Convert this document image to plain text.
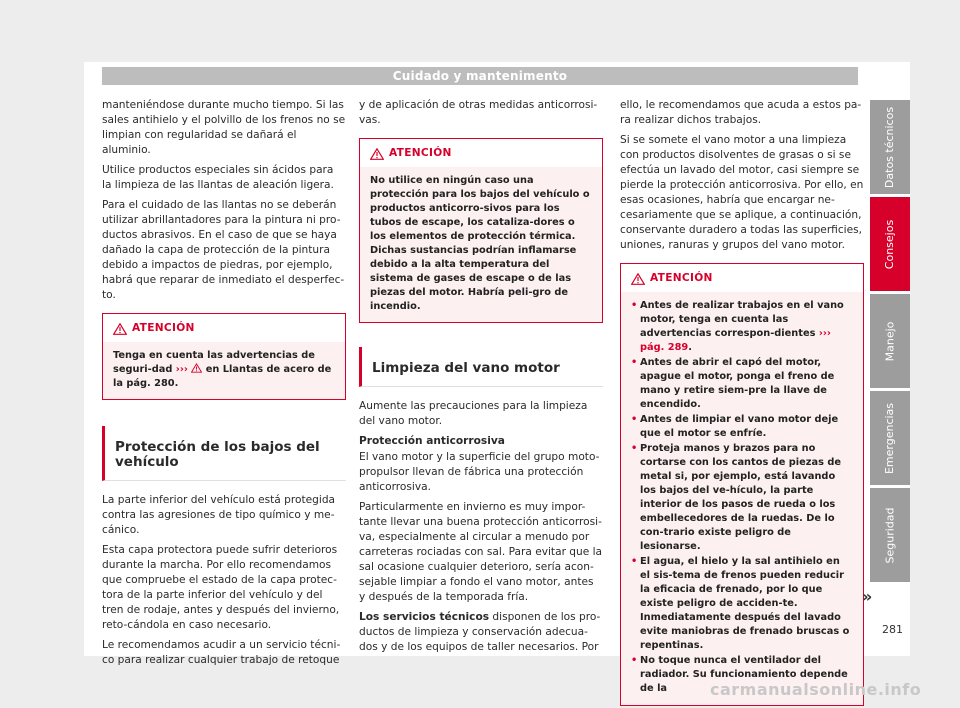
Cuidado y mantenimento

manteniéndose durante mucho tiempo. Si las sales antihielo y el polvillo de los frenos no se limpian con regularidad se dañará el aluminio.

Utilice productos especiales sin ácidos para la limpieza de las llantas de aleación ligera.

Para el cuidado de las llantas no se deberán utilizar abrillantadores para la pintura ni pro-ductos abrasivos. En el caso de que se haya dañado la capa de protección de la pintura debido a impactos de piedras, por ejemplo, habrá que reparar de inmediato el desperfec-to.

ATENCIÓN
Tenga en cuenta las advertencias de seguri-dad ›››  en Llantas de acero de la pág. 280.
Protección de los bajos del vehículo

La parte inferior del vehículo está protegida contra las agresiones de tipo químico y me-cánico.

Esta capa protectora puede sufrir deterioros durante la marcha. Por ello recomendamos que compruebe el estado de la capa protec-tora de la parte inferior del vehículo y del tren de rodaje, antes y después del invierno, reto-cándola en caso necesario.

Le recomendamos acudir a un servicio técni-co para realizar cualquier trabajo de retoque

y de aplicación de otras medidas anticorrosi-vas.

ATENCIÓN
No utilice en ningún caso una protección para los bajos del vehículo o productos anticorro-sivos para los tubos de escape, los cataliza-dores o los elementos de protección térmica. Dichas sustancias podrían inflamarse debido a la alta temperatura del sistema de gases de escape o de las piezas del motor. Habría peli-gro de incendio.
Limpieza del vano motor

Aumente las precauciones para la limpieza del vano motor.

Protección anticorrosiva

El vano motor y la superficie del grupo moto-propulsor llevan de fábrica una protección anticorrosiva.

Particularmente en invierno es muy impor-tante llevar una buena protección anticorrosi-va, especialmente al circular a menudo por carreteras rociadas con sal. Para evitar que la sal ocasione cualquier deterioro, sería acon-sejable limpiar a fondo el vano motor, antes y después de la temporada fría.

Los servicios técnicos disponen de los pro-ductos de limpieza y conservación adecua-dos y de los equipos de taller necesarios. Por

ello, le recomendamos que acuda a estos pa-ra realizar dichos trabajos.

Si se somete el vano motor a una limpieza con productos disolventes de grasas o si se efectúa un lavado del motor, casi siempre se pierde la protección anticorrosiva. Por ello, en esas ocasiones, habría que encargar ne-cesariamente que se aplique, a continuación, conservante duradero a todas las superficies, uniones, ranuras y grupos del vano motor.

ATENCIÓN
• Antes de realizar trabajos en el vano motor, tenga en cuenta las advertencias correspon-dientes ››› pág. 289.
• Antes de abrir el capó del motor, apague el motor, ponga el freno de mano y retire siem-pre la llave de encendido.
• Antes de limpiar el vano motor deje que el motor se enfríe.
• Proteja manos y brazos para no cortarse con los cantos de piezas de metal si, por ejemplo, está lavando los bajos del ve-hículo, la parte interior de los pasos de rueda o los embellecedores de la ruedas. De lo con-trario existe peligro de lesionarse.
• El agua, el hielo y la sal antihielo en el sis-tema de frenos pueden reducir la eficacia de frenado, por lo que existe peligro de acciden-te. Inmediatamente después del lavado evite maniobras de frenado bruscas o repentinas.
• No toque nunca el ventilador del radiador. Su funcionamiento depende de la
»
Datos técnicos
Consejos
Manejo
Emergencias
Seguridad
281
carmanualsonline.info
